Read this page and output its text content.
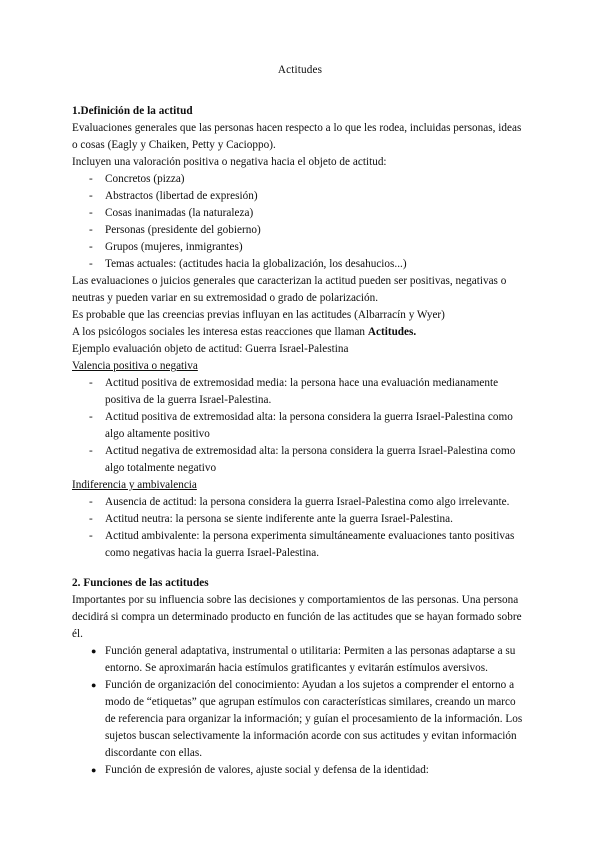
Actitudes
1.Definición de la actitud
Evaluaciones generales que las personas hacen respecto a lo que les rodea, incluidas personas, ideas o cosas (Eagly y Chaiken, Petty y Cacioppo).
Incluyen una valoración positiva o negativa hacia el objeto de actitud:
- Concretos (pizza)
- Abstractos (libertad de expresión)
- Cosas inanimadas (la naturaleza)
- Personas (presidente del gobierno)
- Grupos (mujeres, inmigrantes)
- Temas actuales: (actitudes hacia la globalización, los desahucios...)
Las evaluaciones o juicios generales que caracterizan la actitud pueden ser positivas, negativas o neutras y pueden variar en su extremosidad o grado de polarización.
Es probable que las creencias previas influyan en las actitudes (Albarracín y Wyer)
A los psicólogos sociales les interesa estas reacciones que llaman Actitudes.
Ejemplo evaluación objeto de actitud: Guerra Israel-Palestina
Valencia positiva o negativa
- Actitud positiva de extremosidad media: la persona hace una evaluación medianamente positiva de la guerra Israel-Palestina.
- Actitud positiva de extremosidad alta: la persona considera la guerra Israel-Palestina como algo altamente positivo
- Actitud negativa de extremosidad alta: la persona considera la guerra Israel-Palestina como algo totalmente negativo
Indiferencia y ambivalencia
- Ausencia de actitud: la persona considera la guerra Israel-Palestina como algo irrelevante.
- Actitud neutra: la persona se siente indiferente ante la guerra Israel-Palestina.
- Actitud ambivalente: la persona experimenta simultáneamente evaluaciones tanto positivas como negativas hacia la guerra Israel-Palestina.
2. Funciones de las actitudes
Importantes por su influencia sobre las decisiones y comportamientos de las personas. Una persona decidirá si compra un determinado producto en función de las actitudes que se hayan formado sobre él.
● Función general adaptativa, instrumental o utilitaria: Permiten a las personas adaptarse a su entorno. Se aproximarán hacia estímulos gratificantes y evitarán estímulos aversivos.
● Función de organización del conocimiento: Ayudan a los sujetos a comprender el entorno a modo de “etiquetas” que agrupan estímulos con características similares, creando un marco de referencia para organizar la información; y guían el procesamiento de la información. Los sujetos buscan selectivamente la información acorde con sus actitudes y evitan información discordante con ellas.
● Función de expresión de valores, ajuste social y defensa de la identidad:
